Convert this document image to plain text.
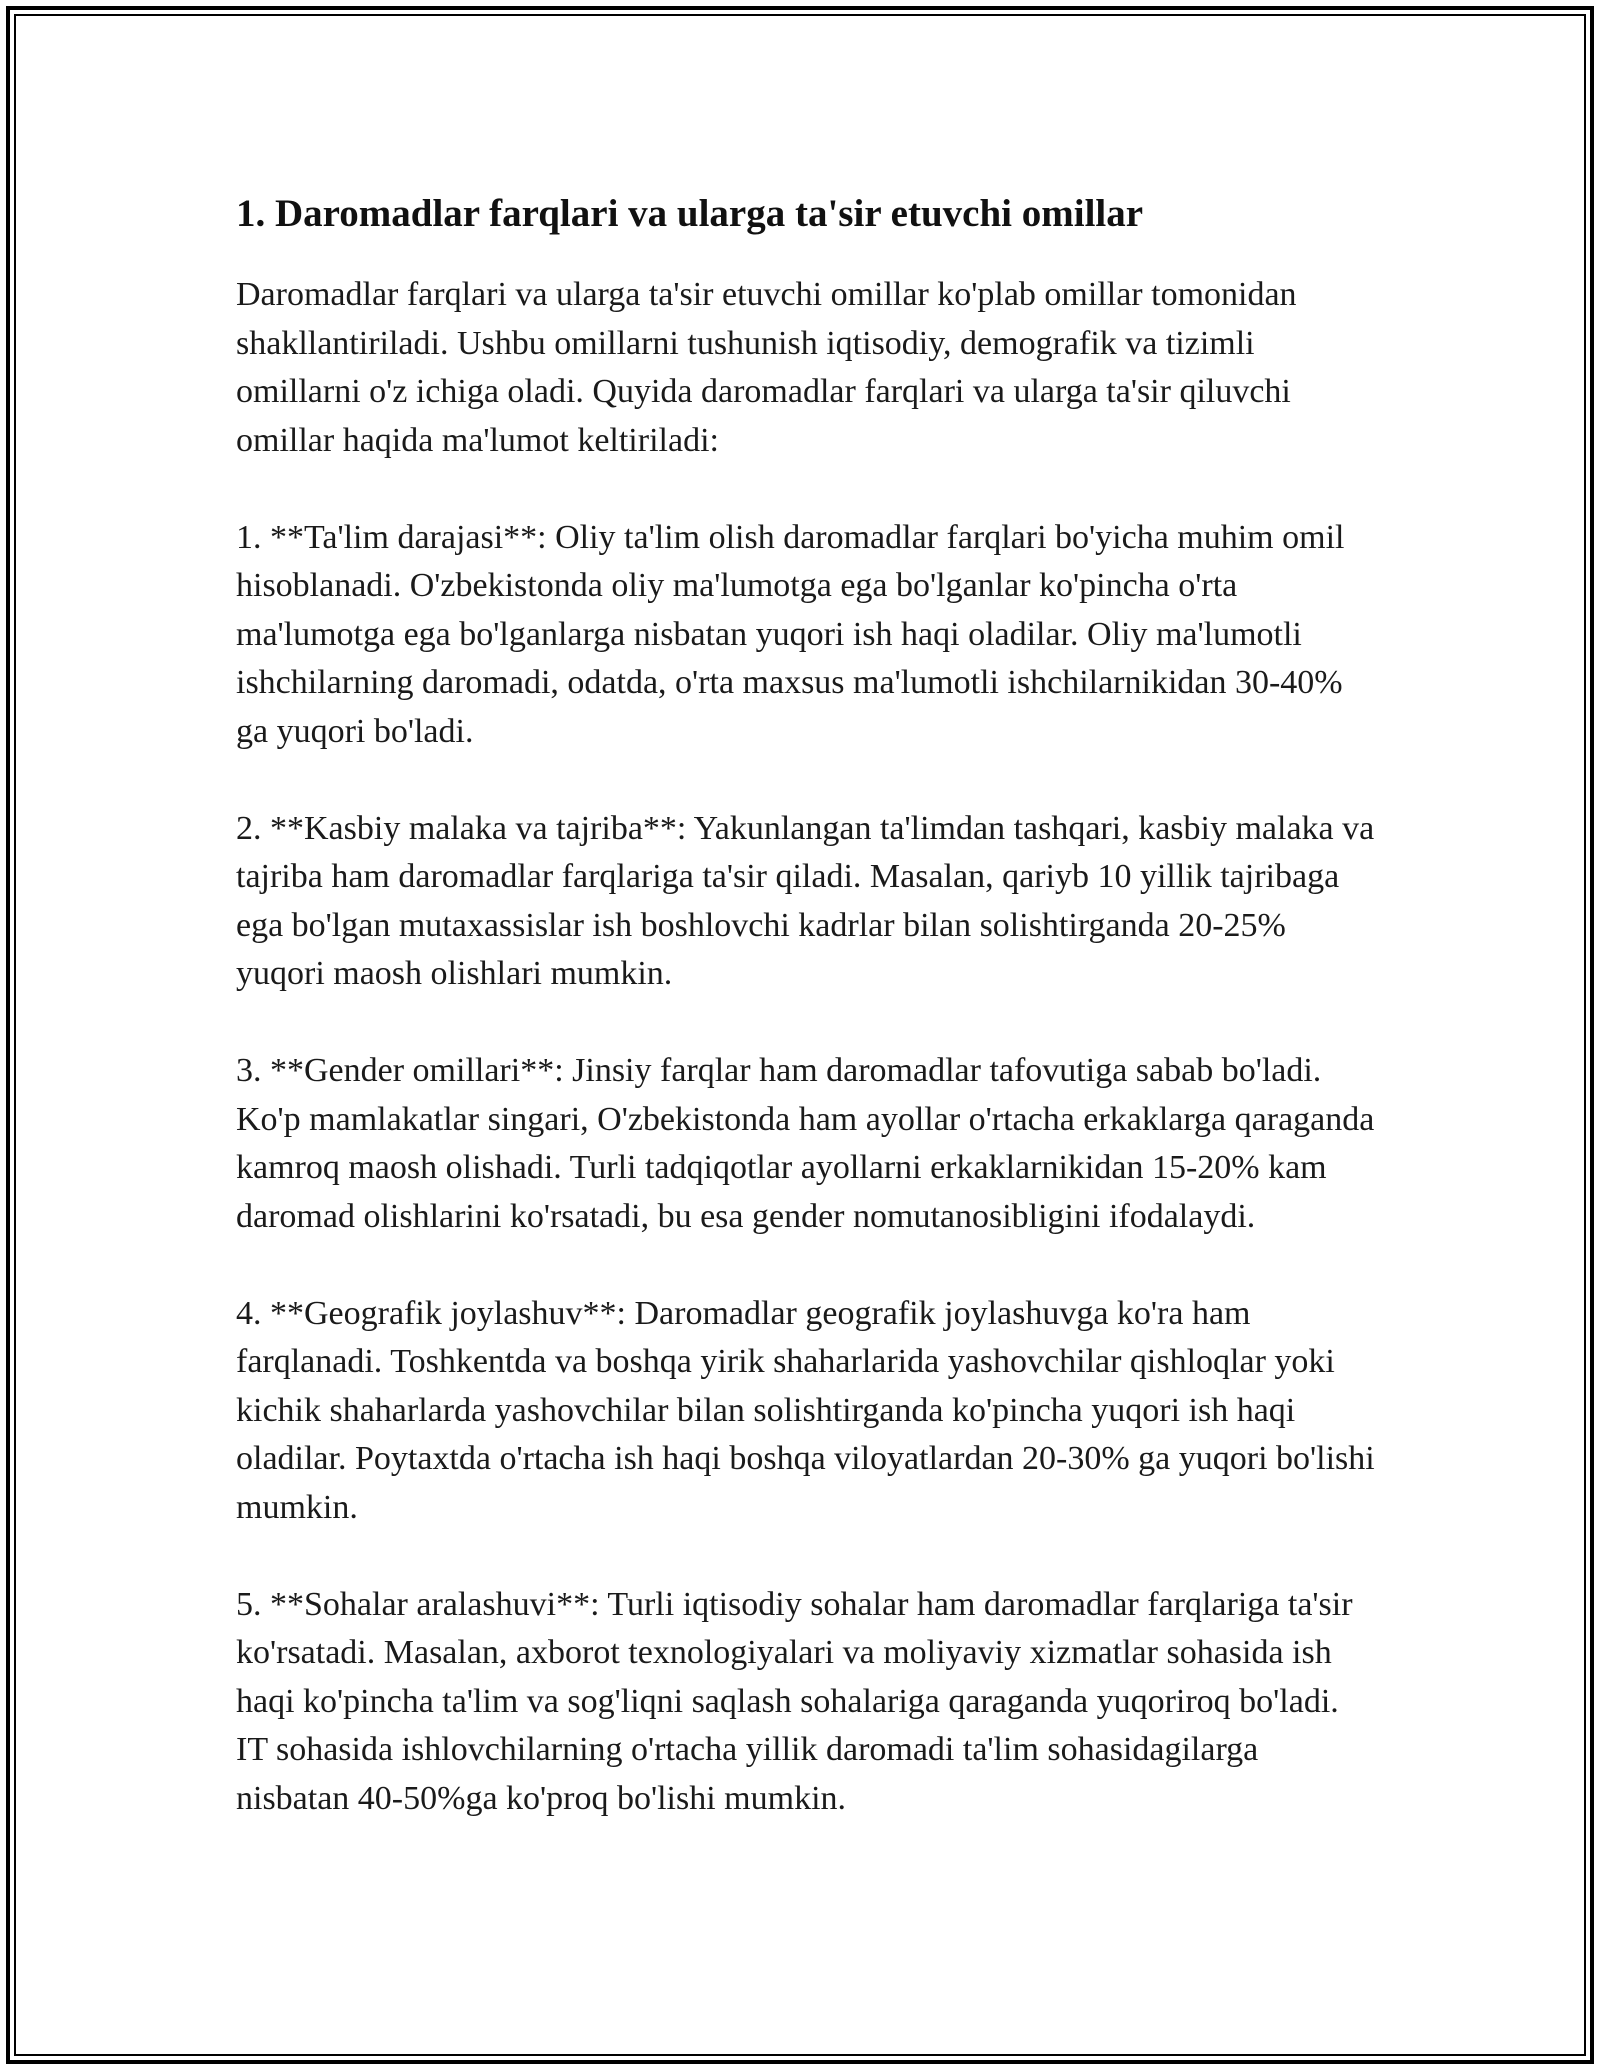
1. Daromadlar farqlari va ularga ta'sir etuvchi omillar

Daromadlar farqlari va ularga ta'sir etuvchi omillar ko'plab omillar tomonidan shakllantiriladi. Ushbu omillarni tushunish iqtisodiy, demografik va tizimli omillarni o'z ichiga oladi. Quyida daromadlar farqlari va ularga ta'sir qiluvchi omillar haqida ma'lumot keltiriladi:

1. **Ta'lim darajasi**: Oliy ta'lim olish daromadlar farqlari bo'yicha muhim omil hisoblanadi. O'zbekistonda oliy ma'lumotga ega bo'lganlar ko'pincha o'rta ma'lumotga ega bo'lganlarga nisbatan yuqori ish haqi oladilar. Oliy ma'lumotli ishchilarning daromadi, odatda, o'rta maxsus ma'lumotli ishchilarnikidan 30-40% ga yuqori bo'ladi.

2. **Kasbiy malaka va tajriba**: Yakunlangan ta'limdan tashqari, kasbiy malaka va tajriba ham daromadlar farqlariga ta'sir qiladi. Masalan, qariyb 10 yillik tajribaga ega bo'lgan mutaxassislar ish boshlovchi kadrlar bilan solishtirganda 20-25% yuqori maosh olishlari mumkin.

3. **Gender omillari**: Jinsiy farqlar ham daromadlar tafovutiga sabab bo'ladi. Ko'p mamlakatlar singari, O'zbekistonda ham ayollar o'rtacha erkaklarga qaraganda kamroq maosh olishadi. Turli tadqiqotlar ayollarni erkaklarnikidan 15-20% kam daromad olishlarini ko'rsatadi, bu esa gender nomutanosibligini ifodalaydi.

4. **Geografik joylashuv**: Daromadlar geografik joylashuvga ko'ra ham farqlanadi. Toshkentda va boshqa yirik shaharlarida yashovchilar qishloqlar yoki kichik shaharlarda yashovchilar bilan solishtirganda ko'pincha yuqori ish haqi oladilar. Poytaxtda o'rtacha ish haqi boshqa viloyatlardan 20-30% ga yuqori bo'lishi mumkin.

5. **Sohalar aralashuvi**: Turli iqtisodiy sohalar ham daromadlar farqlariga ta'sir ko'rsatadi. Masalan, axborot texnologiyalari va moliyaviy xizmatlar sohasida ish haqi ko'pincha ta'lim va sog'liqni saqlash sohalariga qaraganda yuqoriroq bo'ladi. IT sohasida ishlovchilarning o'rtacha yillik daromadi ta'lim sohasidagilarga nisbatan 40-50%ga ko'proq bo'lishi mumkin.
